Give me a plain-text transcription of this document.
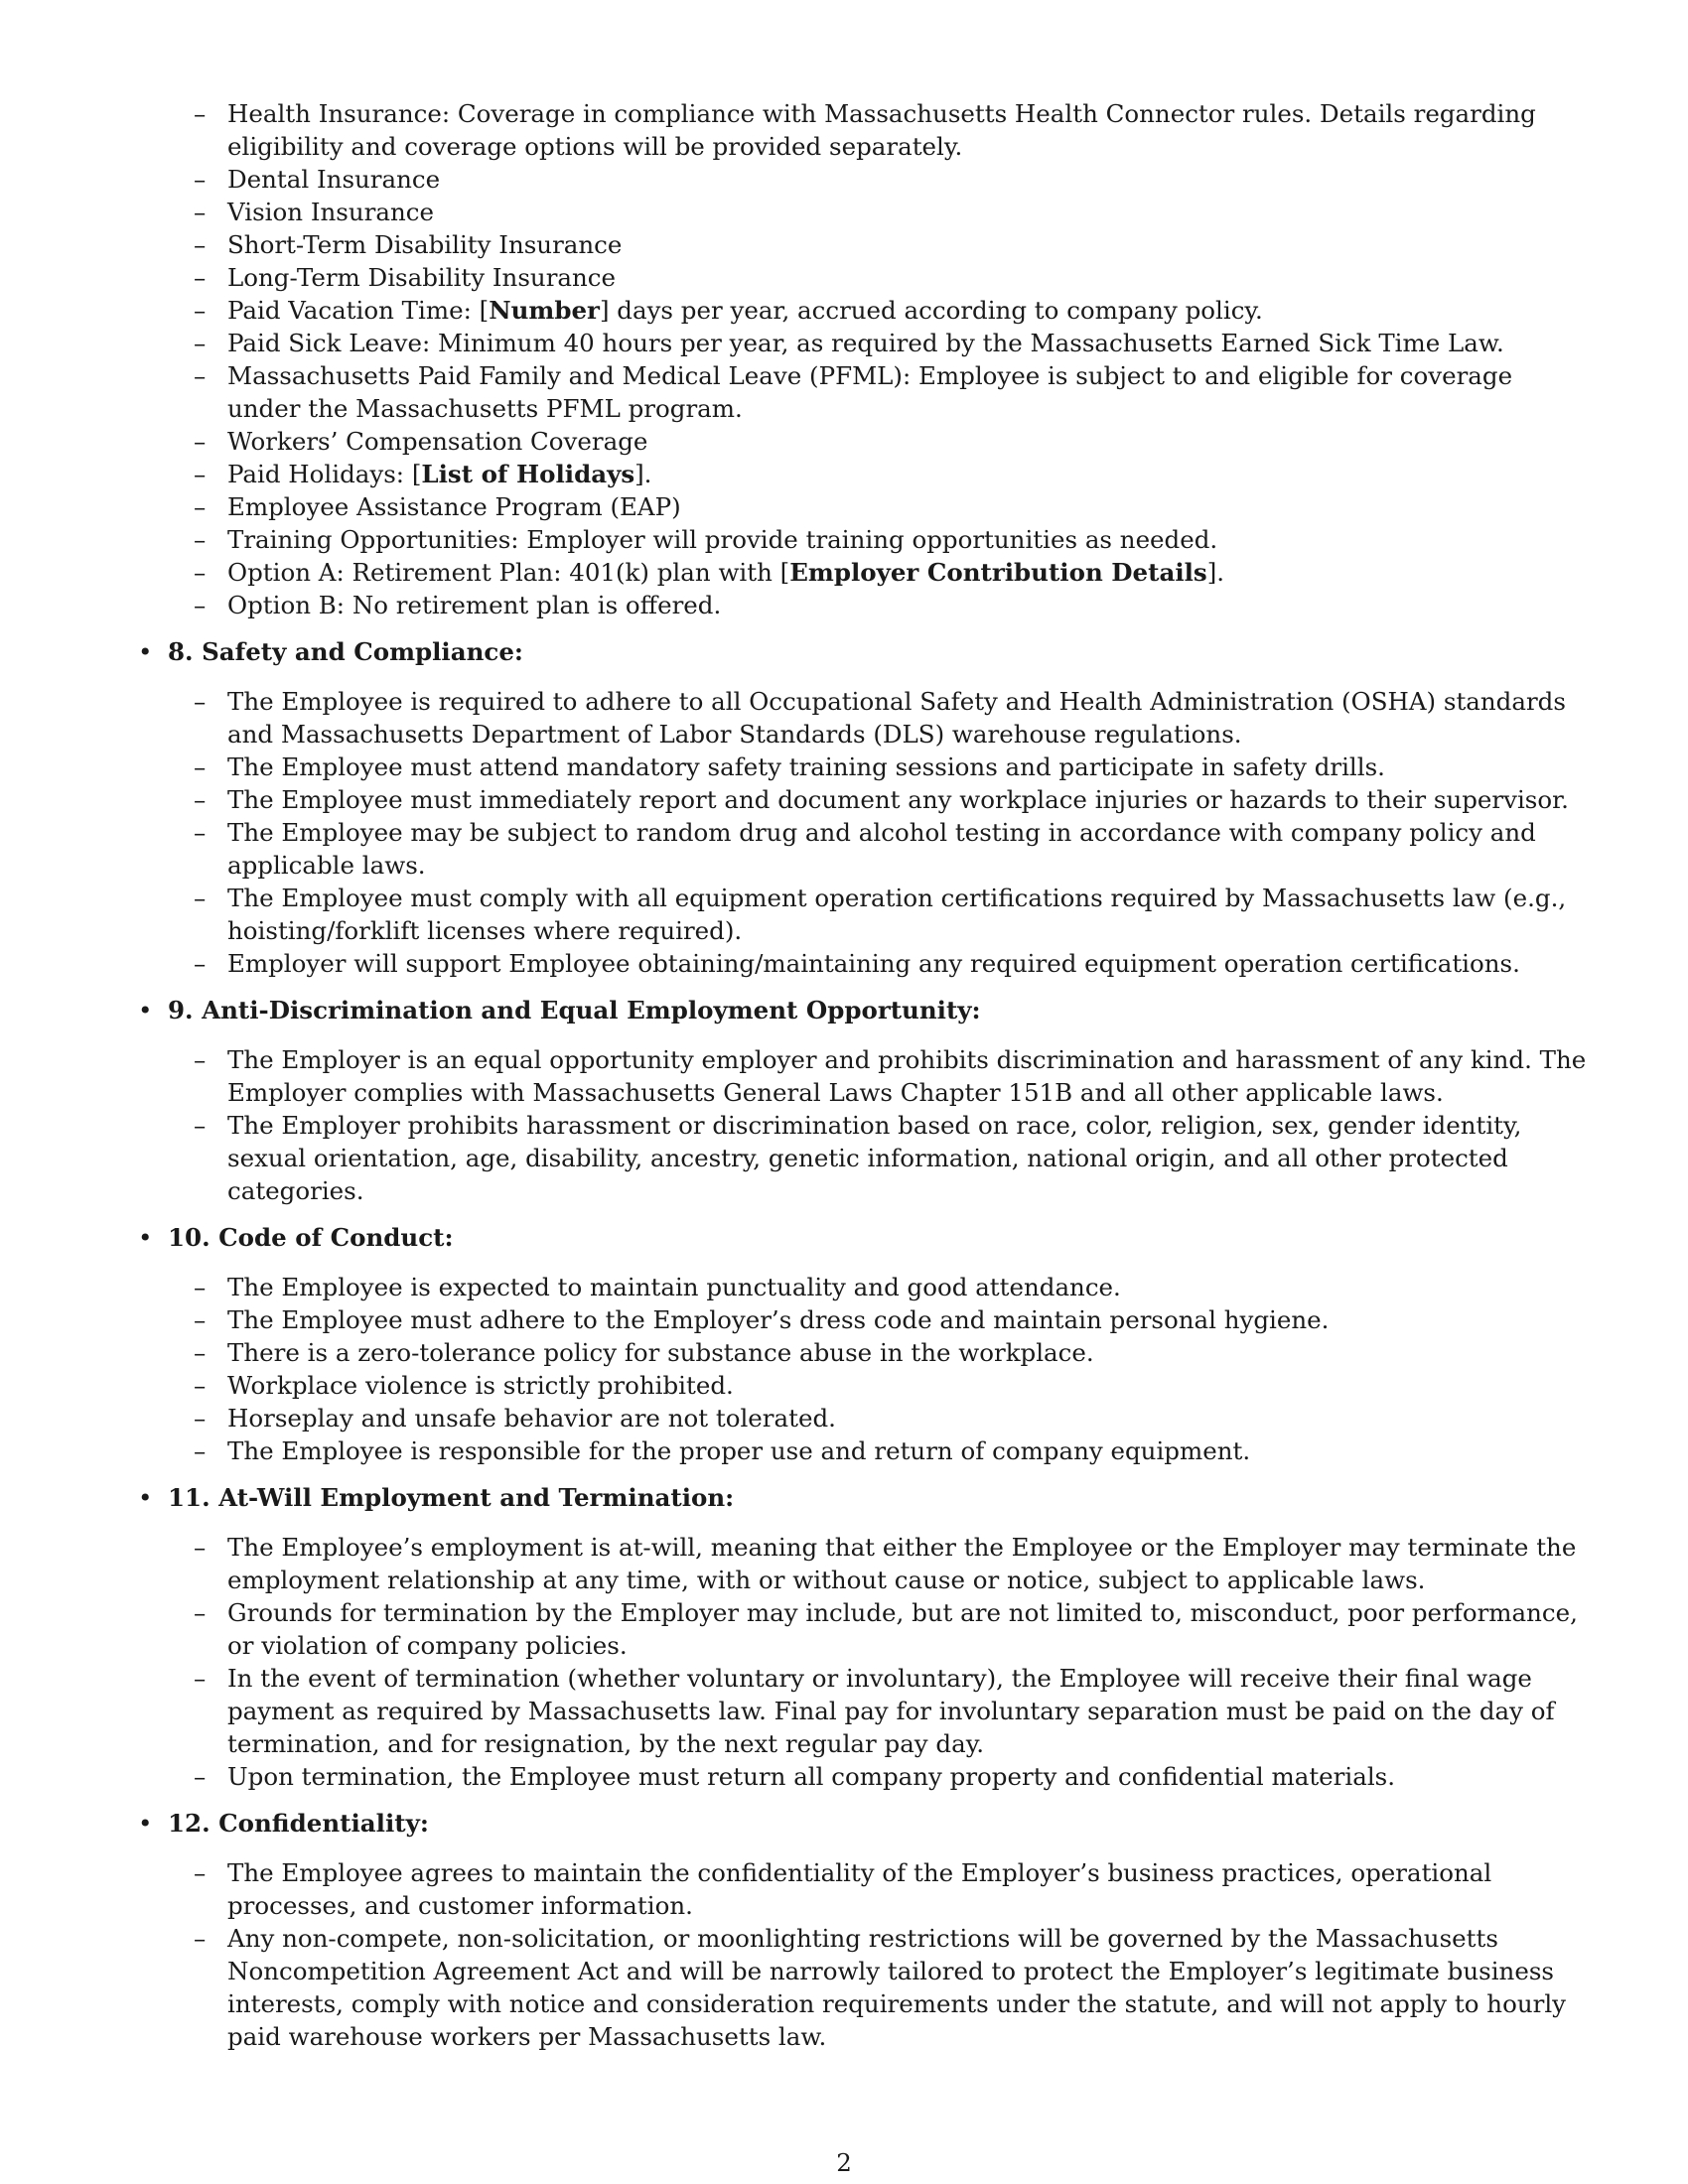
– Health Insurance: Coverage in compliance with Massachusetts Health Connector rules. Details regarding eligibility and coverage options will be provided separately.
– Dental Insurance
– Vision Insurance
– Short-Term Disability Insurance
– Long-Term Disability Insurance
– Paid Vacation Time: [Number] days per year, accrued according to company policy.
– Paid Sick Leave: Minimum 40 hours per year, as required by the Massachusetts Earned Sick Time Law.
– Massachusetts Paid Family and Medical Leave (PFML): Employee is subject to and eligible for coverage under the Massachusetts PFML program.
– Workers’ Compensation Coverage
– Paid Holidays: [List of Holidays].
– Employee Assistance Program (EAP)
– Training Opportunities: Employer will provide training opportunities as needed.
– Option A: Retirement Plan: 401(k) plan with [Employer Contribution Details].
– Option B: No retirement plan is offered.
• 8. Safety and Compliance:

– The Employee is required to adhere to all Occupational Safety and Health Administration (OSHA) standards and Massachusetts Department of Labor Standards (DLS) warehouse regulations.
– The Employee must attend mandatory safety training sessions and participate in safety drills.
– The Employee must immediately report and document any workplace injuries or hazards to their supervisor.
– The Employee may be subject to random drug and alcohol testing in accordance with company policy and applicable laws.
– The Employee must comply with all equipment operation certifications required by Massachusetts law (e.g., hoisting/forklift licenses where required).
– Employer will support Employee obtaining/maintaining any required equipment operation certifications.
• 9. Anti-Discrimination and Equal Employment Opportunity:

– The Employer is an equal opportunity employer and prohibits discrimination and harassment of any kind. The Employer complies with Massachusetts General Laws Chapter 151B and all other applicable laws.
– The Employer prohibits harassment or discrimination based on race, color, religion, sex, gender identity, sexual orientation, age, disability, ancestry, genetic information, national origin, and all other protected categories.
• 10. Code of Conduct:

– The Employee is expected to maintain punctuality and good attendance.
– The Employee must adhere to the Employer’s dress code and maintain personal hygiene.
– There is a zero-tolerance policy for substance abuse in the workplace.
– Workplace violence is strictly prohibited.
– Horseplay and unsafe behavior are not tolerated.
– The Employee is responsible for the proper use and return of company equipment.
• 11. At-Will Employment and Termination:

– The Employee’s employment is at-will, meaning that either the Employee or the Employer may terminate the employment relationship at any time, with or without cause or notice, subject to applicable laws.
– Grounds for termination by the Employer may include, but are not limited to, misconduct, poor performance, or violation of company policies.
– In the event of termination (whether voluntary or involuntary), the Employee will receive their final wage payment as required by Massachusetts law. Final pay for involuntary separation must be paid on the day of termination, and for resignation, by the next regular pay day.
– Upon termination, the Employee must return all company property and confidential materials.
• 12. Confidentiality:

– The Employee agrees to maintain the confidentiality of the Employer’s business practices, operational processes, and customer information.
– Any non-compete, non-solicitation, or moonlighting restrictions will be governed by the Massachusetts Noncompetition Agreement Act and will be narrowly tailored to protect the Employer’s legitimate business interests, comply with notice and consideration requirements under the statute, and will not apply to hourly paid warehouse workers per Massachusetts law.
2
